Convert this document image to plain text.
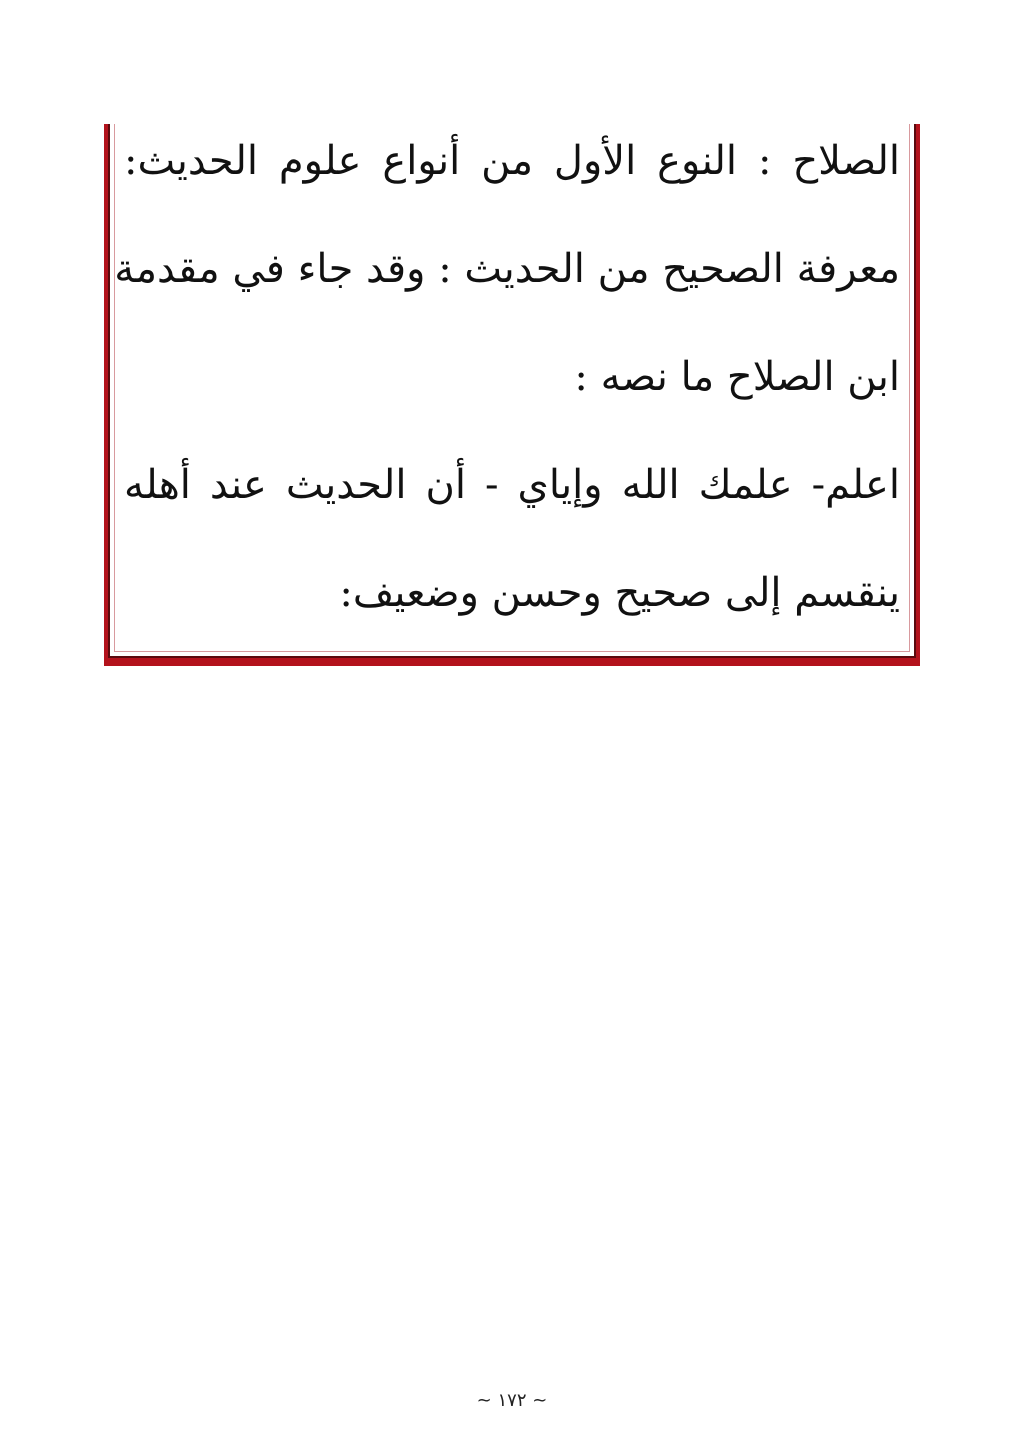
الصلاح : النوع الأول من أنواع علوم الحديث:
معرفة الصحيح من الحديث : وقد جاء في مقدمة
ابن الصلاح ما نصه :
اعلم- علمك الله وإياي - أن الحديث عند أهله
ينقسم إلى صحيح وحسن وضعيف:
~ ١٧٢ ~
